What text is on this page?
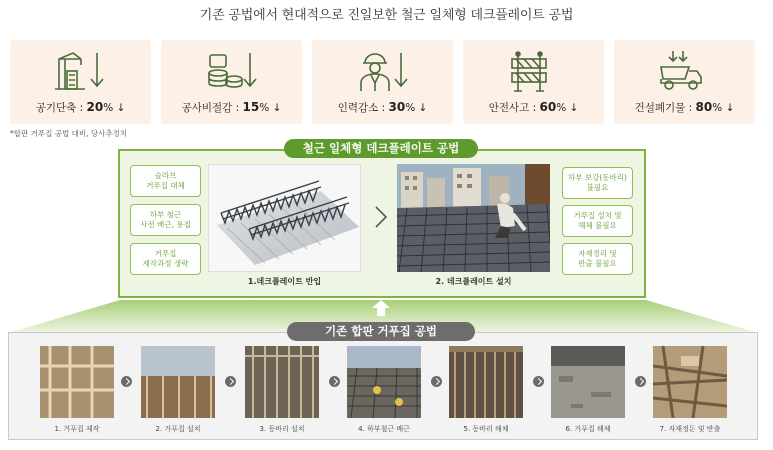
기존 공법에서 현대적으로 진일보한 철근 일체형 데크플레이트 공법
공기단축 : 20% ↓	공사비절감 : 15% ↓	인력감소 : 30% ↓	안전사고 : 60% ↓	건설폐기물 : 80% ↓
*합판 거푸집 공법 대비, 당사추정치
철근 일체형 데크플레이트 공법
슬라브
거푸집 대체
하부 철근
사전 배근, 용접
거푸집
제작과정 생략
1.데크플레이트 반입	2. 데크플레이트 설치
하부 보강(동바리)
불필요
거푸집 설치 및
해체 불필요
자재정리 및
반출 불필요
기존 합판 거푸집 공법
1. 거푸집 제작	2. 거푸집 설치	3. 동바리 설치	4. 하부철근 배근	5. 동바리 해체	6. 거푸집 해체	7. 자재정돈 및 반출
